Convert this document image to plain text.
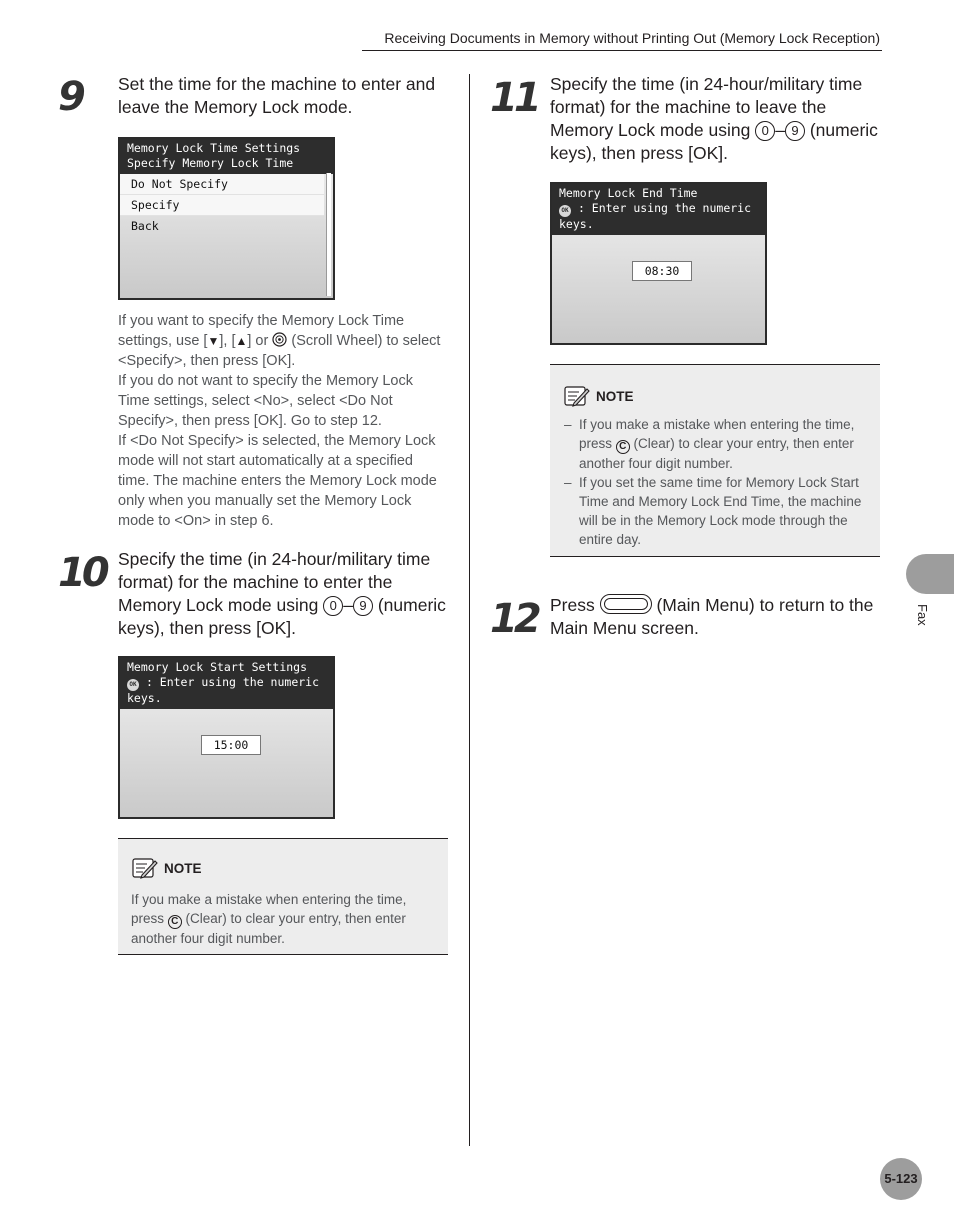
Receiving Documents in Memory without Printing Out (Memory Lock Reception)
9 Set the time for the machine to enter and leave the Memory Lock mode.
Memory Lock Time Settings
Specify Memory Lock Time
Do Not Specify
Specify
Back
If you want to specify the Memory Lock Time settings, use [▼], [▲] or (Scroll Wheel) to select <Specify>, then press [OK].
If you do not want to specify the Memory Lock Time settings, select <No>, select <Do Not Specify>, then press [OK]. Go to step 12.
If <Do Not Specify> is selected, the Memory Lock mode will not start automatically at a specified time. The machine enters the Memory Lock mode only when you manually set the Memory Lock mode to <On> in step 6.
10 Specify the time (in 24-hour/military time format) for the machine to enter the Memory Lock mode using 0 – 9 (numeric keys), then press [OK].
Memory Lock Start Settings
OK : Enter using the numeric keys.
15:00
NOTE
If you make a mistake when entering the time, press C (Clear) to clear your entry, then enter another four digit number.
11 Specify the time (in 24-hour/military time format) for the machine to leave the Memory Lock mode using 0 – 9 (numeric keys), then press [OK].
Memory Lock End Time
OK : Enter using the numeric keys.
08:30
NOTE
– If you make a mistake when entering the time, press C (Clear) to clear your entry, then enter another four digit number.
– If you set the same time for Memory Lock Start Time and Memory Lock End Time, the machine will be in the Memory Lock mode through the entire day.
12 Press	(Main Menu) to return to the Main Menu screen.
Fax
5-123
